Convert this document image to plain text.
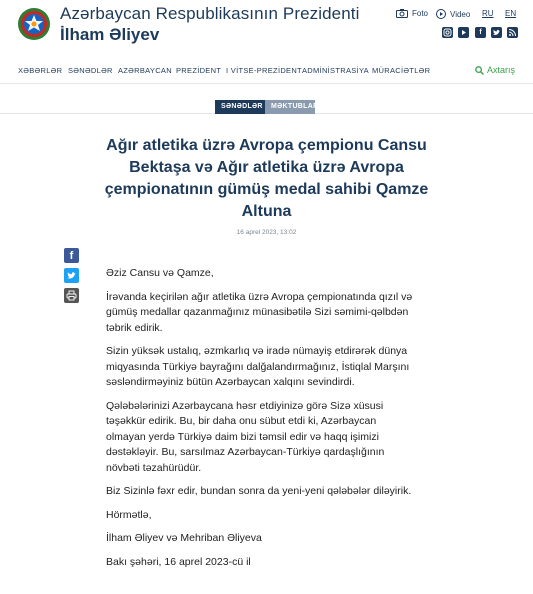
Azərbaycan Respublikasının Prezidenti
İlham Əliyev
Foto	Video RU EN
f
XƏBƏRLƏR SƏNƏDLƏR AZƏRBAYCAN PREZİDENT I VİTSE-PREZİDENT ADMİNİSTRASİYA MÜRACİƏTLƏR	Axtarış
SƏNƏDLƏR	MƏKTUBLAR
Ağır atletika üzrə Avropa çempionu Cansu
Bektaşa və Ağır atletika üzrə Avropa
çempionatının gümüş medal sahibi Qamze
Altuna
16 aprel 2023, 13:02
f

Əziz Cansu və Qamze,

İrəvanda keçirilən ağır atletika üzrə Avropa çempionatında qızıl və gümüş medallar qazanmağınız münasibətilə Sizi səmimi-qəlbdən təbrik edirik.

Sizin yüksək ustalıq, əzmkarlıq və iradə nümayiş etdirərək dünya miqyasında Türkiyə bayrağını dalğalandırmağınız, İstiqlal Marşını səsləndirməyiniz bütün Azərbaycan xalqını sevindirdi.

Qələbələrinizi Azərbaycana həsr etdiyinizə görə Sizə xüsusi təşəkkür edirik. Bu, bir daha onu sübut etdi ki, Azərbaycan olmayan yerdə Türkiyə daim bizi təmsil edir və haqq işimizi dəstəkləyir. Bu, sarsılmaz Azərbaycan-Türkiyə qardaşlığının növbəti təzahürüdür.

Biz Sizinlə fəxr edir, bundan sonra da yeni-yeni qələbələr diləyirik.

Hörmətlə,

İlham Əliyev və Mehriban Əliyeva

Bakı şəhəri, 16 aprel 2023-cü il
